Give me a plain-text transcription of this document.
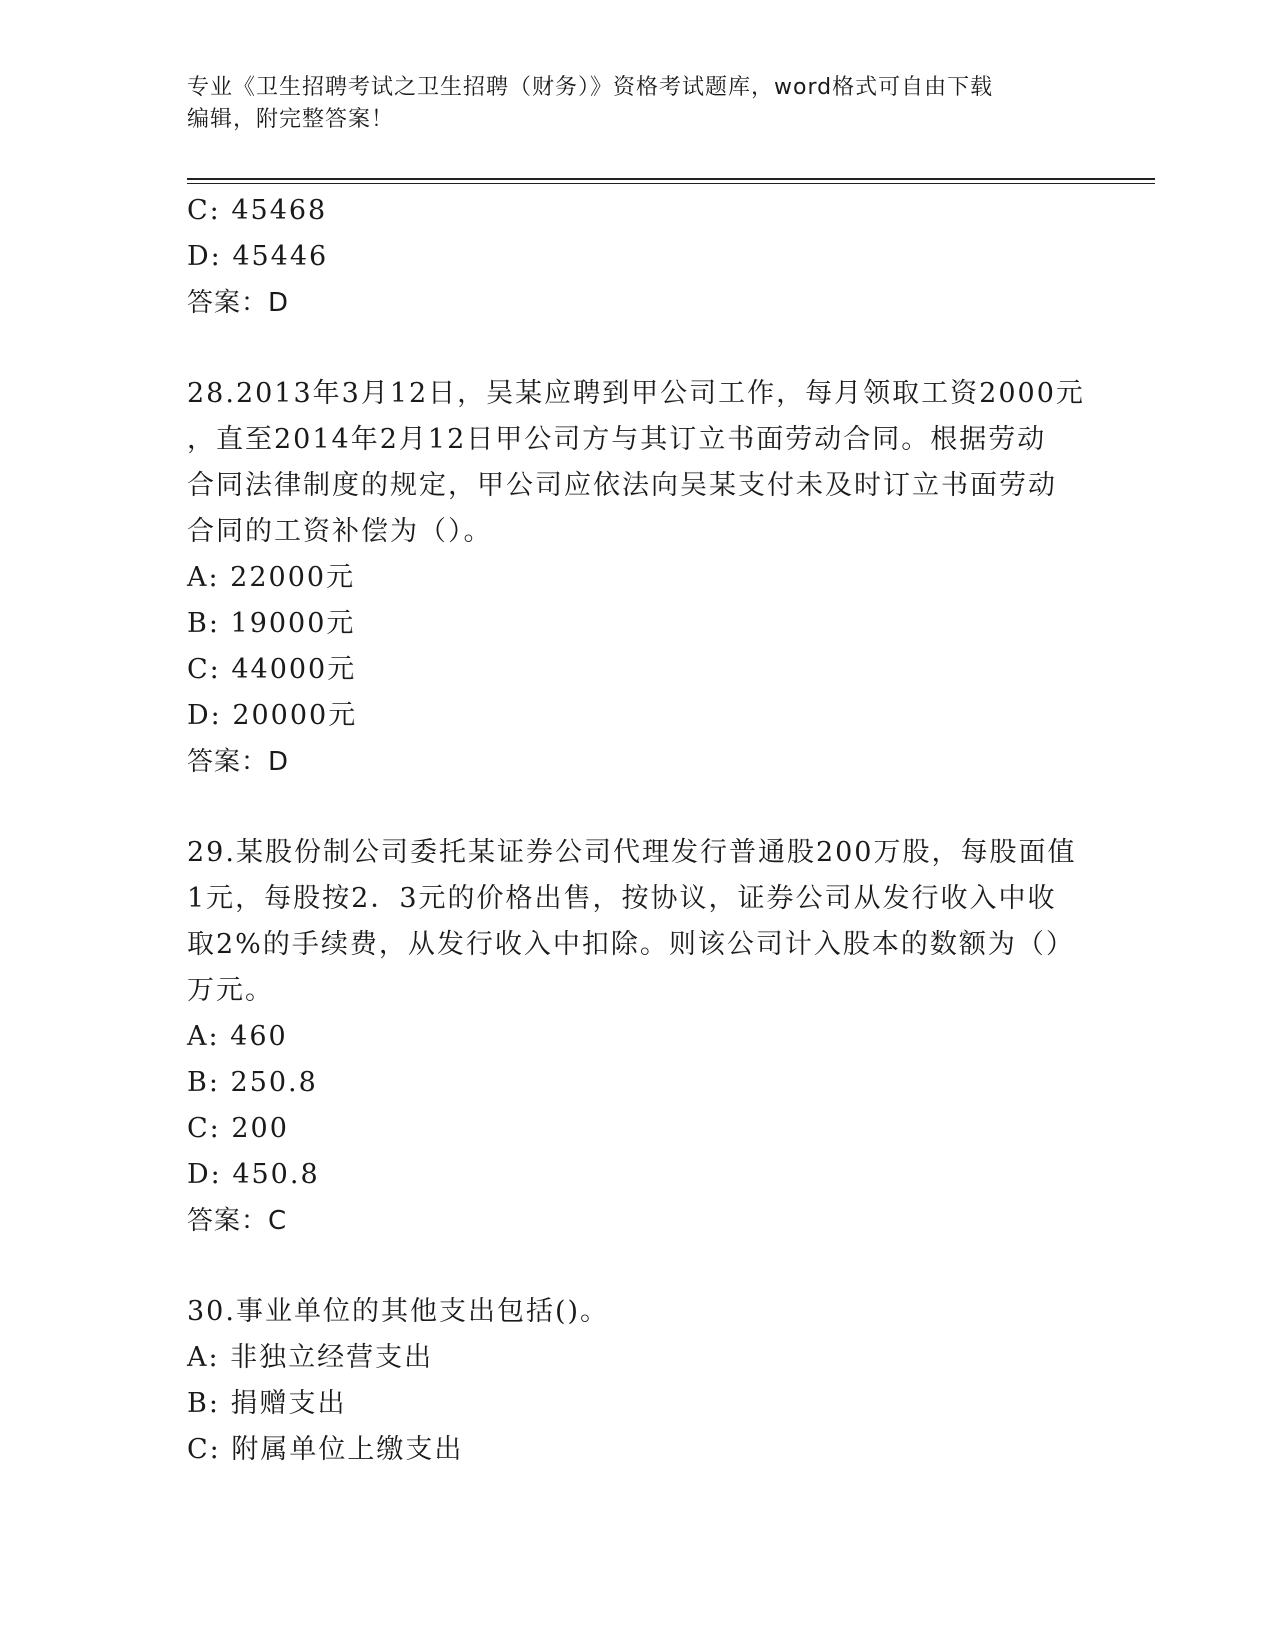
专业《卫生招聘考试之卫生招聘（财务）》资格考试题库，word格式可自由下载
编辑，附完整答案！
C: 45468
D: 45446
答案：D
28.2013年3月12日，吴某应聘到甲公司工作，每月领取工资2000元
，直至2014年2月12日甲公司方与其订立书面劳动合同。根据劳动
合同法律制度的规定，甲公司应依法向吴某支付未及时订立书面劳动
合同的工资补偿为（）。
A: 22000元
B: 19000元
C: 44000元
D: 20000元
答案：D
29.某股份制公司委托某证券公司代理发行普通股200万股，每股面值
1元，每股按2．3元的价格出售，按协议，证券公司从发行收入中收
取2%的手续费，从发行收入中扣除。则该公司计入股本的数额为（）
万元。
A: 460
B: 250.8
C: 200
D: 450.8
答案：C
30.事业单位的其他支出包括()。
A: 非独立经营支出
B: 捐赠支出
C: 附属单位上缴支出
